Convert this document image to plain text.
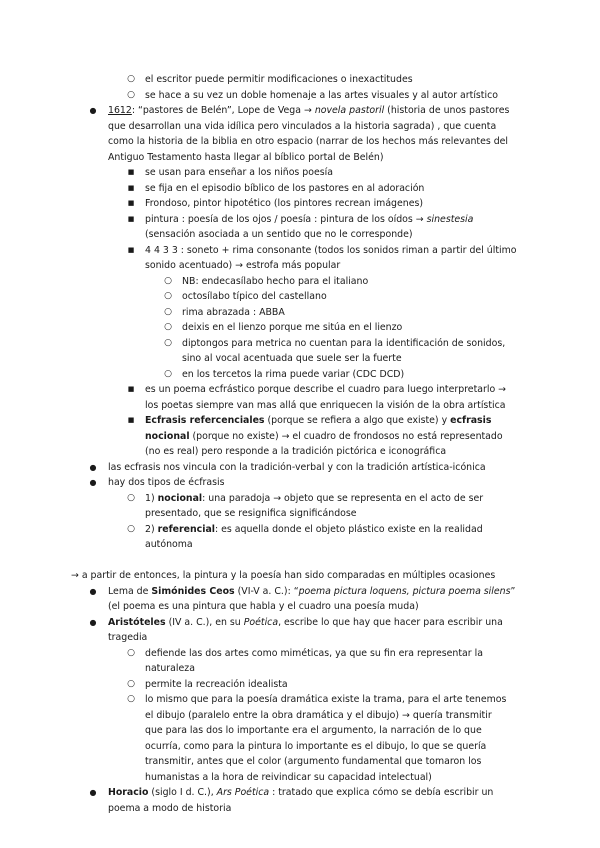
○ el escritor puede permitir modificaciones o inexactitudes
○ se hace a su vez un doble homenaje a las artes visuales y al autor artístico
● 1612: “pastores de Belén”, Lope de Vega → novela pastoril (historia de unos pastores
que desarrollan una vida idílica pero vinculados a la historia sagrada) , que cuenta
como la historia de la biblia en otro espacio (narrar de los hechos más relevantes del
Antiguo Testamento hasta llegar al bíblico portal de Belén)
■ se usan para enseñar a los niños poesía
■ se fija en el episodio bíblico de los pastores en al adoración
■ Frondoso, pintor hipotético (los pintores recrean imágenes)
■ pintura : poesía de los ojos / poesía : pintura de los oídos → sinestesia
(sensación asociada a un sentido que no le corresponde)
■ 4 4 3 3 : soneto + rima consonante (todos los sonidos riman a partir del último
sonido acentuado) → estrofa más popular
○ NB: endecasílabo hecho para el italiano
○ octosílabo típico del castellano
○ rima abrazada : ABBA
○ deixis en el lienzo porque me sitúa en el lienzo
○ diptongos para metrica no cuentan para la identificación de sonidos,
sino al vocal acentuada que suele ser la fuerte
○ en los tercetos la rima puede variar (CDC DCD)
■ es un poema ecfrástico porque describe el cuadro para luego interpretarlo →
los poetas siempre van mas allá que enriquecen la visión de la obra artística
■ Ecfrasis refercenciales (porque se refiera a algo que existe) y ecfrasis
nocional (porque no existe) → el cuadro de frondosos no está representado
(no es real) pero responde a la tradición pictórica e iconográfica
● las ecfrasis nos vincula con la tradición-verbal y con la tradición artística-icónica
● hay dos tipos de écfrasis
○ 1) nocional: una paradoja → objeto que se representa en el acto de ser
presentado, que se resignifica significándose
○ 2) referencial: es aquella donde el objeto plástico existe en la realidad
autónoma
→ a partir de entonces, la pintura y la poesía han sido comparadas en múltiples ocasiones
● Lema de Simónides Ceos (VI-V a. C.): “poema pictura loquens, pictura poema silens”
(el poema es una pintura que habla y el cuadro una poesía muda)
● Aristóteles (IV a. C.), en su Poética, escribe lo que hay que hacer para escribir una
tragedia
○ defiende las dos artes como miméticas, ya que su fin era representar la
naturaleza
○ permite la recreación idealista
○ lo mismo que para la poesía dramática existe la trama, para el arte tenemos
el dibujo (paralelo entre la obra dramática y el dibujo) → quería transmitir
que para las dos lo importante era el argumento, la narración de lo que
ocurría, como para la pintura lo importante es el dibujo, lo que se quería
transmitir, antes que el color (argumento fundamental que tomaron los
humanistas a la hora de reivindicar su capacidad intelectual)
● Horacio (siglo I d. C.), Ars Poética : tratado que explica cómo se debía escribir un
poema a modo de historia
